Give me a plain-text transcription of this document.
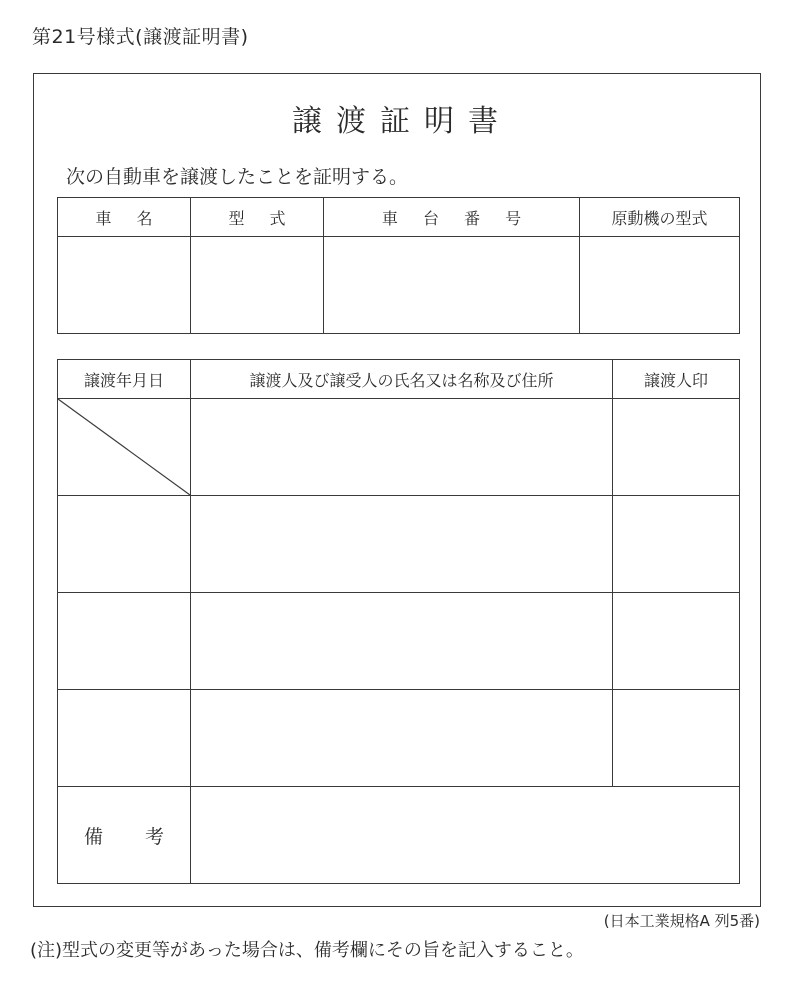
第21号様式(譲渡証明書)
譲渡証明書
次の自動車を譲渡したことを証明する。
車 名	型 式	車 台 番 号	原動機の型式

譲渡年月日	譲渡人及び譲受人の氏名又は名称及び住所	譲渡人印

備 考		
(日本工業規格A 列5番)
(注)型式の変更等があった場合は、備考欄にその旨を記入すること。
